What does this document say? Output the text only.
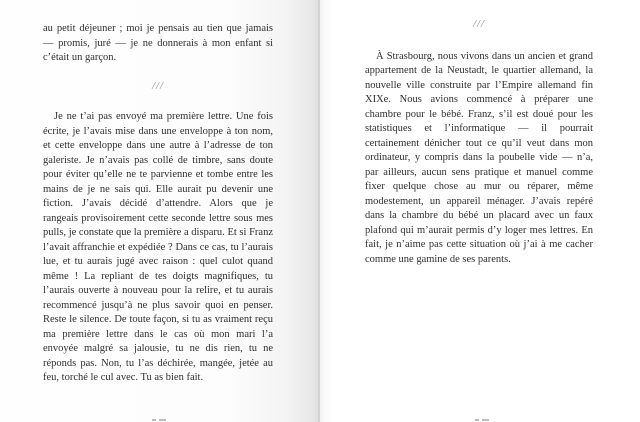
au petit déjeuner ; moi je pensais au tien que jamais — promis, juré — je ne donnerais à mon enfant si c’était un garçon.

///

Je ne t’ai pas envoyé ma première lettre. Une fois écrite, je l’avais mise dans une enveloppe à ton nom, et cette enveloppe dans une autre à l’adresse de ton galeriste. Je n’avais pas collé de timbre, sans doute pour éviter qu’elle ne te parvienne et tombe entre les mains de je ne sais qui. Elle aurait pu devenir une fiction. J’avais décidé d’attendre. Alors que je rangeais provisoirement cette seconde lettre sous mes pulls, je constate que la première a disparu. Et si Franz l’avait affranchie et expédiée ? Dans ce cas, tu l’aurais lue, et tu aurais jugé avec raison : quel culot quand même ! La repliant de tes doigts magnifiques, tu l’aurais ouverte à nouveau pour la relire, et tu aurais recommencé jusqu’à ne plus savoir quoi en penser. Reste le silence. De toute façon, si tu as vraiment reçu ma première lettre dans le cas où mon mari l’a envoyée malgré sa jalousie, tu ne dis rien, tu ne réponds pas. Non, tu l’as déchirée, mangée, jetée au feu, torché le cul avec. Tu as bien fait.

///

À Strasbourg, nous vivons dans un ancien et grand appartement de la Neustadt, le quartier allemand, la nouvelle ville construite par l’Empire allemand fin XIXe. Nous avions commencé à préparer une chambre pour le bébé. Franz, s’il est doué pour les statistiques et l’informatique — il pourrait certainement dénicher tout ce qu’il veut dans mon ordinateur, y compris dans la poubelle vide — n’a, par ailleurs, aucun sens pratique et manuel comme fixer quelque chose au mur ou réparer, même modestement, un appareil ménager. J’avais repéré dans la chambre du bébé un placard avec un faux plafond qui m’aurait permis d’y loger mes lettres. En fait, je n’aime pas cette situation où j’ai à me cacher comme une gamine de ses parents.
